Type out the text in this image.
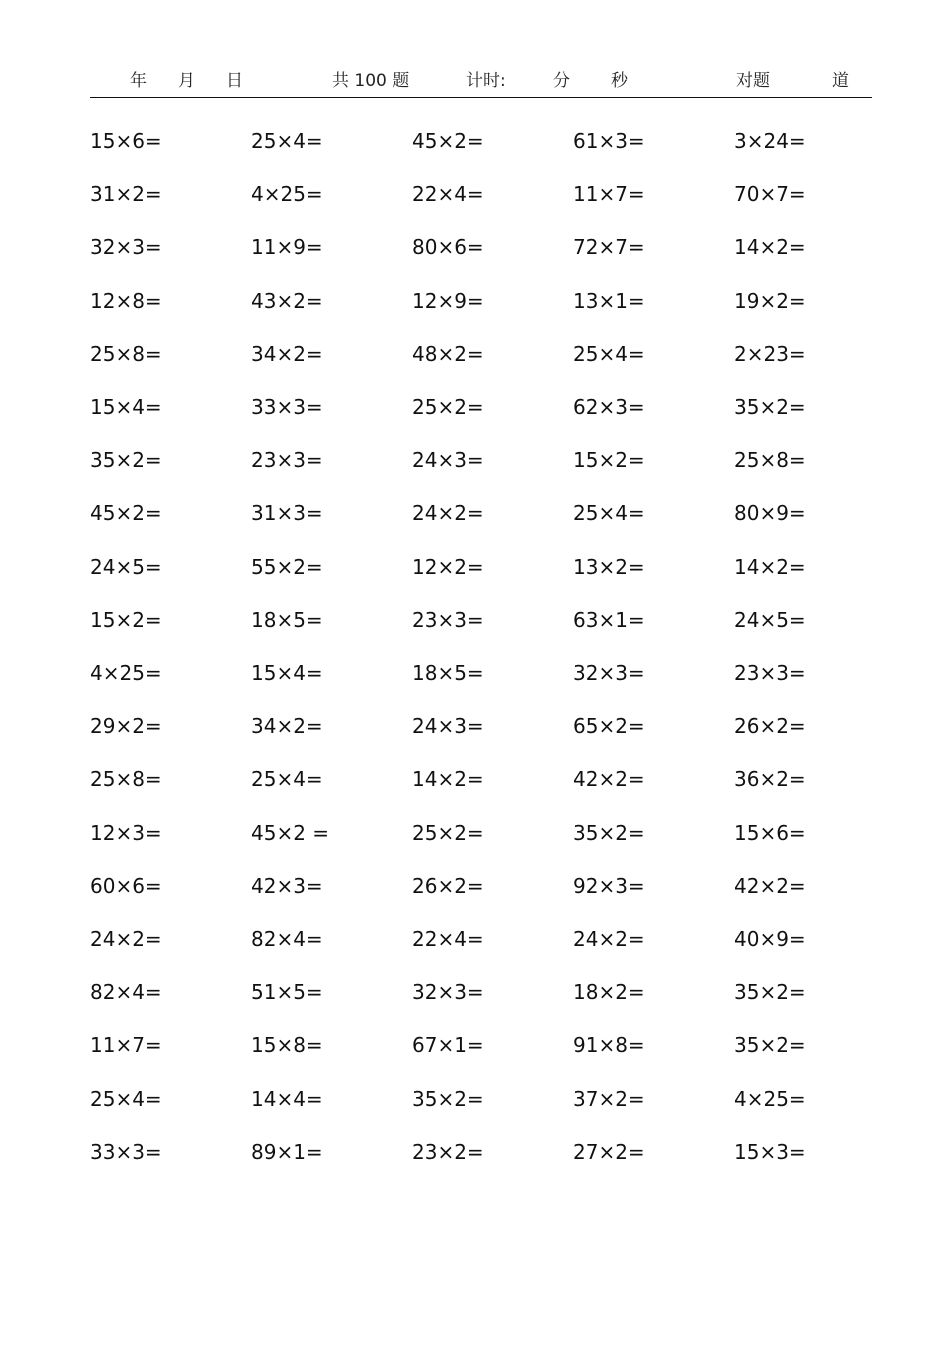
年 月 日	共 100 题	计时:	分 秒	对题	道
15×6=	25×4=	45×2=	61×3=	3×24=
31×2=	4×25=	22×4=	11×7=	70×7=
32×3=	11×9=	80×6=	72×7=	14×2=
12×8=	43×2=	12×9=	13×1=	19×2=
25×8=	34×2=	48×2=	25×4=	2×23=
15×4=	33×3=	25×2=	62×3=	35×2=
35×2=	23×3=	24×3=	15×2=	25×8=
45×2=	31×3=	24×2=	25×4=	80×9=
24×5=	55×2=	12×2=	13×2=	14×2=
15×2=	18×5=	23×3=	63×1=	24×5=
4×25=	15×4=	18×5=	32×3=	23×3=
29×2=	34×2=	24×3=	65×2=	26×2=
25×8=	25×4=	14×2=	42×2=	36×2=
12×3=	45×2 =	25×2=	35×2=	15×6=
60×6=	42×3=	26×2=	92×3=	42×2=
24×2=	82×4=	22×4=	24×2=	40×9=
82×4=	51×5=	32×3=	18×2=	35×2=
11×7=	15×8=	67×1=	91×8=	35×2=
25×4=	14×4=	35×2=	37×2=	4×25=
33×3=	89×1=	23×2=	27×2=	15×3=
